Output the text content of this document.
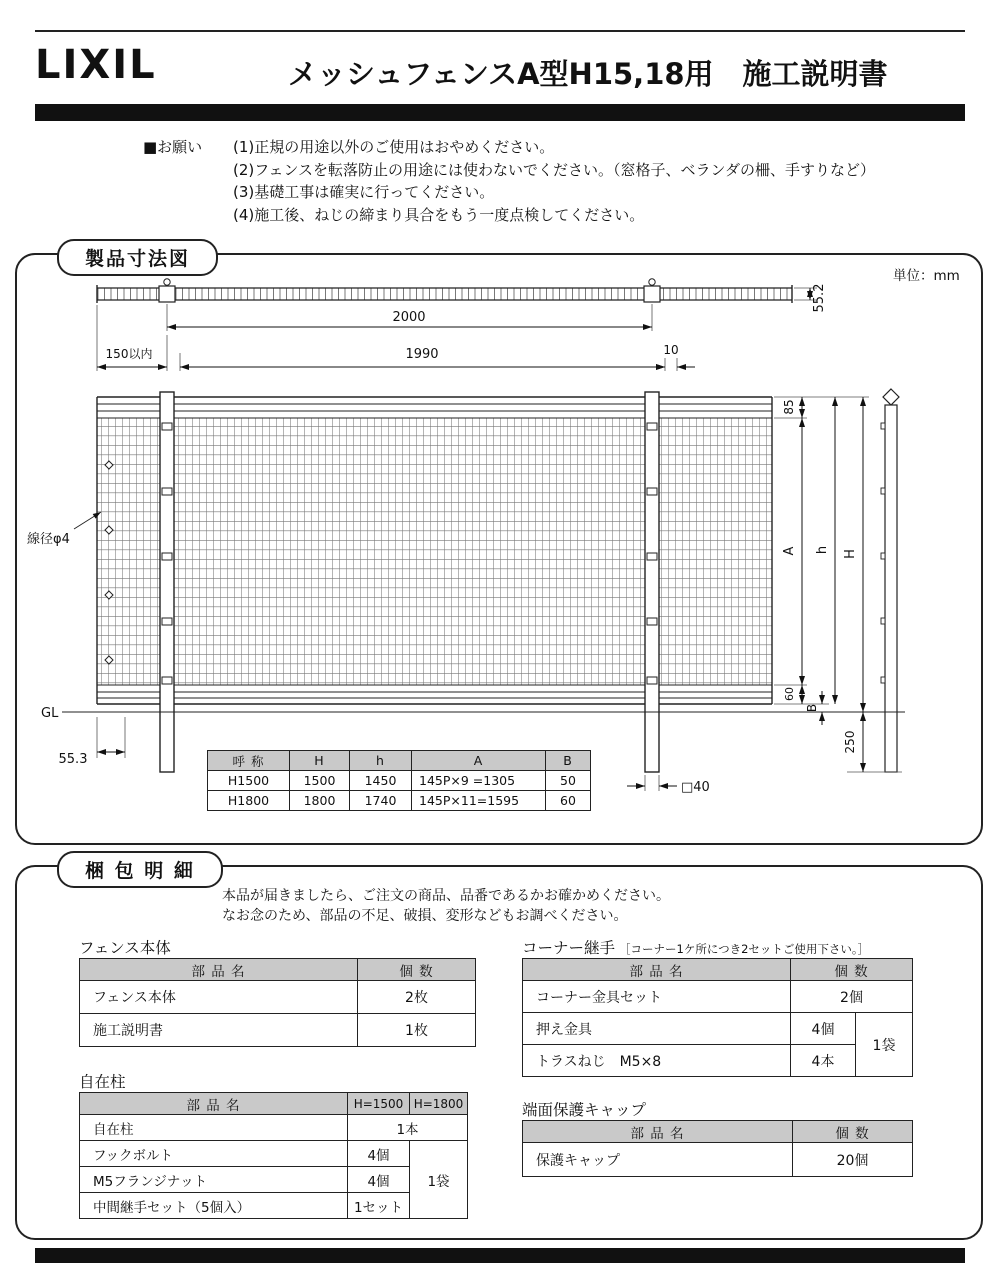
LIXIL	メッシュフェンスA型H15,18用　施工説明書
■お願い (1)正規の用途以外のご使用はおやめください。
(2)フェンスを転落防止の用途には使わないでください。（窓格子、ベランダの柵、手すりなど）
(3)基礎工事は確実に行ってください。
(4)施工後、ねじの締まり具合をもう一度点検してください。
製品寸法図
55.2
単位：mm
2000
150以内	1990	10
GL
線径φ4
55.3
□40
85
A
60
B
h H
250
呼 称	H	h	A	B
H1500	1500	1450	145P×9 =1305	50
H1800	1800	1740	145P×11=1595	60
梱 包 明 細
本品が届きましたら、ご注文の商品、品番であるかお確かめください。
なお念のため、部品の不足、破損、変形などもお調べください。
フェンス本体
部 品 名	個 数
フェンス本体	2枚
施工説明書	1枚
自在柱
部 品 名	H=1500	H=1800
自在柱	1本	
フックボルト	4個	1袋
M5フランジナット	4個	
中間継手セット（5個入）	1セット	
コーナー継手 ［コーナー1ケ所につき2セットご使用下さい。］
部 品 名	個 数	
コーナー金具セット	2個	
押え金具	4個	1袋
トラスねじ　M5×8	4本	
端面保護キャップ
部 品 名	個 数
保護キャップ	20個
